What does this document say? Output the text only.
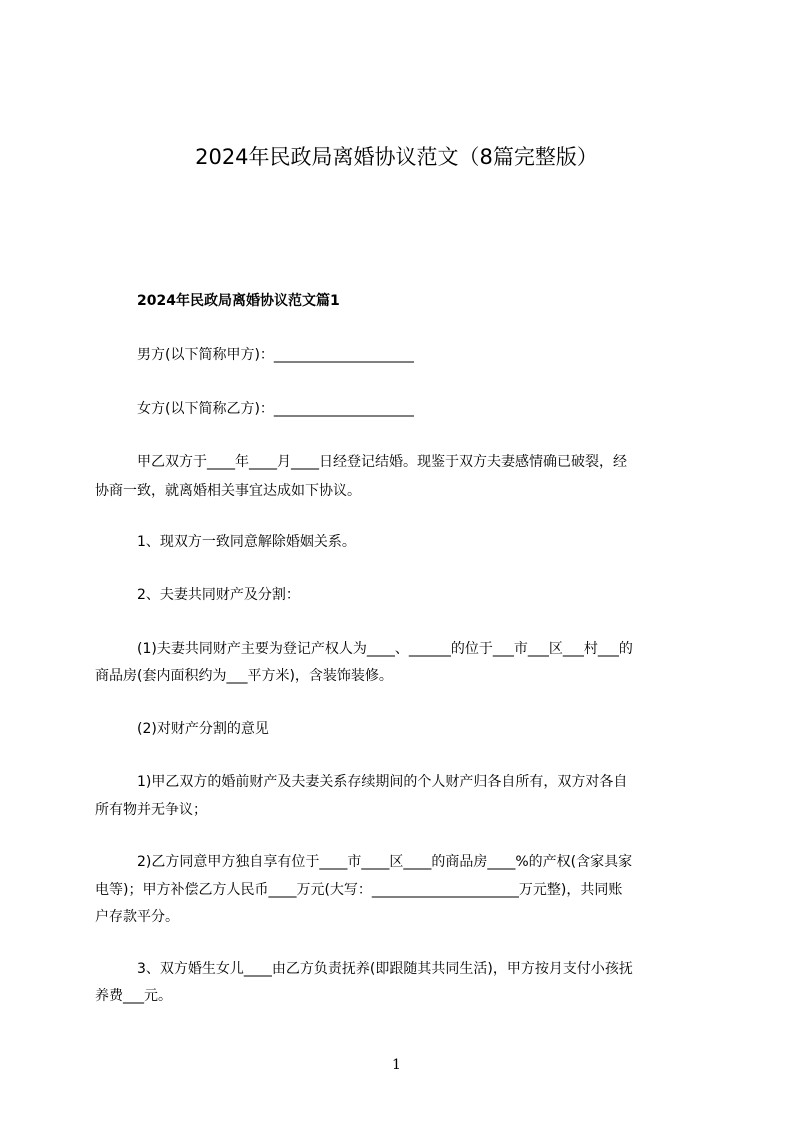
2024年民政局离婚协议范文（8篇完整版）
2024年民政局离婚协议范文篇1
男方(以下简称甲方)：____________________
女方(以下简称乙方)：____________________
甲乙双方于____年____月____日经登记结婚。现鉴于双方夫妻感情确已破裂，经
协商一致，就离婚相关事宜达成如下协议。
1、现双方一致同意解除婚姻关系。
2、夫妻共同财产及分割：
(1)夫妻共同财产主要为登记产权人为____、______的位于___市___区___村___的
商品房(套内面积约为___平方米)，含装饰装修。
(2)对财产分割的意见
1)甲乙双方的婚前财产及夫妻关系存续期间的个人财产归各自所有，双方对各自
所有物并无争议；
2)乙方同意甲方独自享有位于____市____区____的商品房____%的产权(含家具家
电等)；甲方补偿乙方人民币____万元(大写：_____________________万元整)，共同账
户存款平分。
3、双方婚生女儿____由乙方负责抚养(即跟随其共同生活)，甲方按月支付小孩抚
养费___元。
1
